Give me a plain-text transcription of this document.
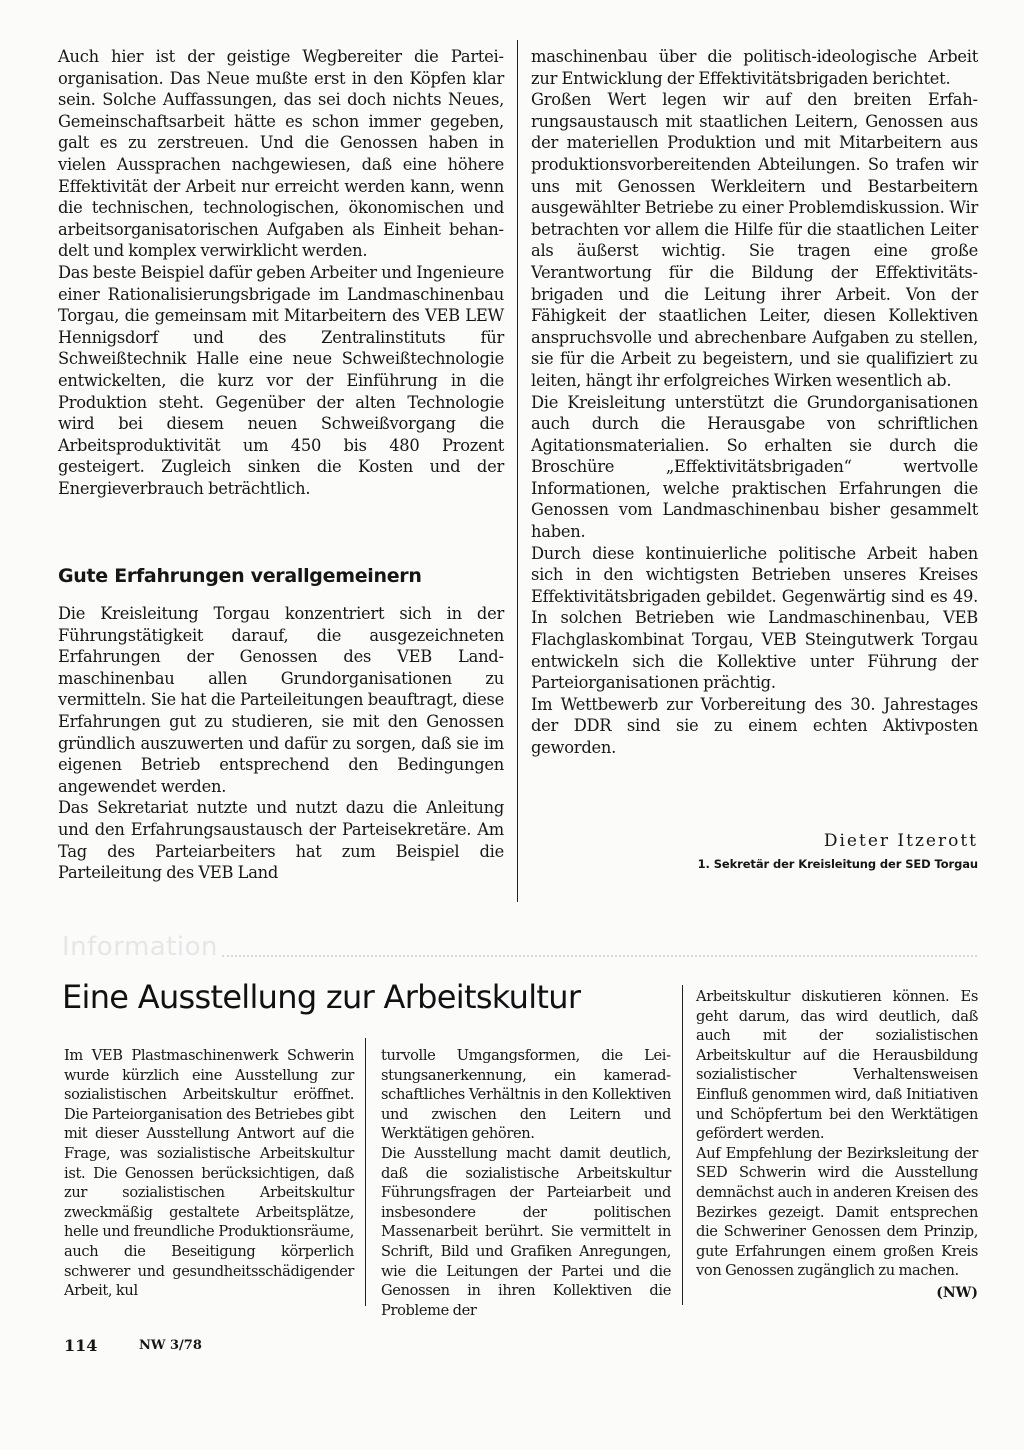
Auch hier ist der geistige Wegbereiter die Parteiorganisation. Das Neue mußte erst in den Köpfen klar sein. Solche Auffassungen, das sei doch nichts Neues, Gemeinschaftsarbeit hätte es schon immer gegeben, galt es zu zerstreuen. Und die Genossen haben in vielen Aussprachen nachgewiesen, daß eine höhere Effektivität der Arbeit nur erreicht werden kann, wenn die technischen, technologischen, ökonomischen und arbeitsorganisatorischen Aufgaben als Einheit behandelt und komplex verwirklicht werden.

Das beste Beispiel dafür geben Arbeiter und Ingenieure einer Rationalisierungsbrigade im Landmaschinenbau Torgau, die gemeinsam mit Mitarbeitern des VEB LEW Hennigsdorf und des Zentralinstituts für Schweißtechnik Halle eine neue Schweißtechnologie entwickelten, die kurz vor der Einführung in die Produktion steht. Gegenüber der alten Technologie wird bei diesem neuen Schweißvorgang die Arbeitsproduktivität um 450 bis 480 Prozent gesteigert. Zugleich sinken die Kosten und der Energieverbrauch beträchtlich.

Gute Erfahrungen verallgemeinern

Die Kreisleitung Torgau konzentriert sich in der Führungstätigkeit darauf, die ausgezeichneten Erfahrungen der Genossen des VEB Landmaschinenbau allen Grundorganisationen zu vermitteln. Sie hat die Parteileitungen beauftragt, diese Erfahrungen gut zu studieren, sie mit den Genossen gründlich auszuwerten und dafür zu sorgen, daß sie im eigenen Betrieb entsprechend den Bedingungen angewendet werden.

Das Sekretariat nutzte und nutzt dazu die Anleitung und den Erfahrungsaustausch der Parteisekretäre. Am Tag des Parteiarbeiters hat zum Beispiel die Parteileitung des VEB Land

maschinenbau über die politisch-ideologische Arbeit zur Entwicklung der Effektivitätsbrigaden berichtet.

Großen Wert legen wir auf den breiten Erfahrungsaustausch mit staatlichen Leitern, Genossen aus der materiellen Produktion und mit Mitarbeitern aus produktionsvorbereitenden Abteilungen. So trafen wir uns mit Genossen Werkleitern und Bestarbeitern ausgewählter Betriebe zu einer Problemdiskussion. Wir betrachten vor allem die Hilfe für die staatlichen Leiter als äußerst wichtig. Sie tragen eine große Verantwortung für die Bildung der Effektivitätsbrigaden und die Leitung ihrer Arbeit. Von der Fähigkeit der staatlichen Leiter, diesen Kollektiven anspruchsvolle und abrechenbare Aufgaben zu stellen, sie für die Arbeit zu begeistern, und sie qualifiziert zu leiten, hängt ihr erfolgreiches Wirken wesentlich ab.

Die Kreisleitung unterstützt die Grundorganisationen auch durch die Herausgabe von schriftlichen Agitationsmaterialien. So erhalten sie durch die Broschüre „Effektivitätsbrigaden“ wertvolle Informationen, welche praktischen Erfahrungen die Genossen vom Landmaschinenbau bisher gesammelt haben.

Durch diese kontinuierliche politische Arbeit haben sich in den wichtigsten Betrieben unseres Kreises Effektivitätsbrigaden gebildet. Gegenwärtig sind es 49. In solchen Betrieben wie Landmaschinenbau, VEB Flachglaskombinat Torgau, VEB Steingutwerk Torgau entwickeln sich die Kollektive unter Führung der Parteiorganisationen prächtig.

Im Wettbewerb zur Vorbereitung des 30. Jahrestages der DDR sind sie zu einem echten Aktivposten geworden.

Dieter Itzerott
1. Sekretär der Kreisleitung der SED Torgau
Information
Eine Ausstellung zur Arbeitskultur

Im VEB Plastmaschinenwerk Schwerin wurde kürzlich eine Ausstellung zur sozialistischen Arbeitskultur eröffnet. Die Parteiorganisation des Betriebes gibt mit dieser Ausstellung Antwort auf die Frage, was sozialistische Arbeitskultur ist. Die Genossen berücksichtigen, daß zur sozialistischen Arbeitskultur zweckmäßig gestaltete Arbeitsplätze, helle und freundliche Produktionsräume, auch die Beseitigung körperlich schwerer und gesundheitsschädigender Arbeit, kul

turvolle Umgangsformen, die Leistungsanerkennung, ein kameradschaftliches Verhältnis in den Kollektiven und zwischen den Leitern und Werktätigen gehören.

Die Ausstellung macht damit deutlich, daß die sozialistische Arbeitskultur Führungsfragen der Parteiarbeit und insbesondere der politischen Massenarbeit berührt. Sie vermittelt in Schrift, Bild und Grafiken Anregungen, wie die Leitungen der Partei und die Genossen in ihren Kollektiven die Probleme der

Arbeitskultur diskutieren können. Es geht darum, das wird deutlich, daß auch mit der sozialistischen Arbeitskultur auf die Herausbildung sozialistischer Verhaltensweisen Einfluß genommen wird, daß Initiativen und Schöpfertum bei den Werktätigen gefördert werden.

Auf Empfehlung der Bezirksleitung der SED Schwerin wird die Ausstellung demnächst auch in anderen Kreisen des Bezirkes gezeigt. Damit entsprechen die Schweriner Genossen dem Prinzip, gute Erfahrungen einem großen Kreis von Genossen zugänglich zu machen.

(NW)
114	NW 3/78
